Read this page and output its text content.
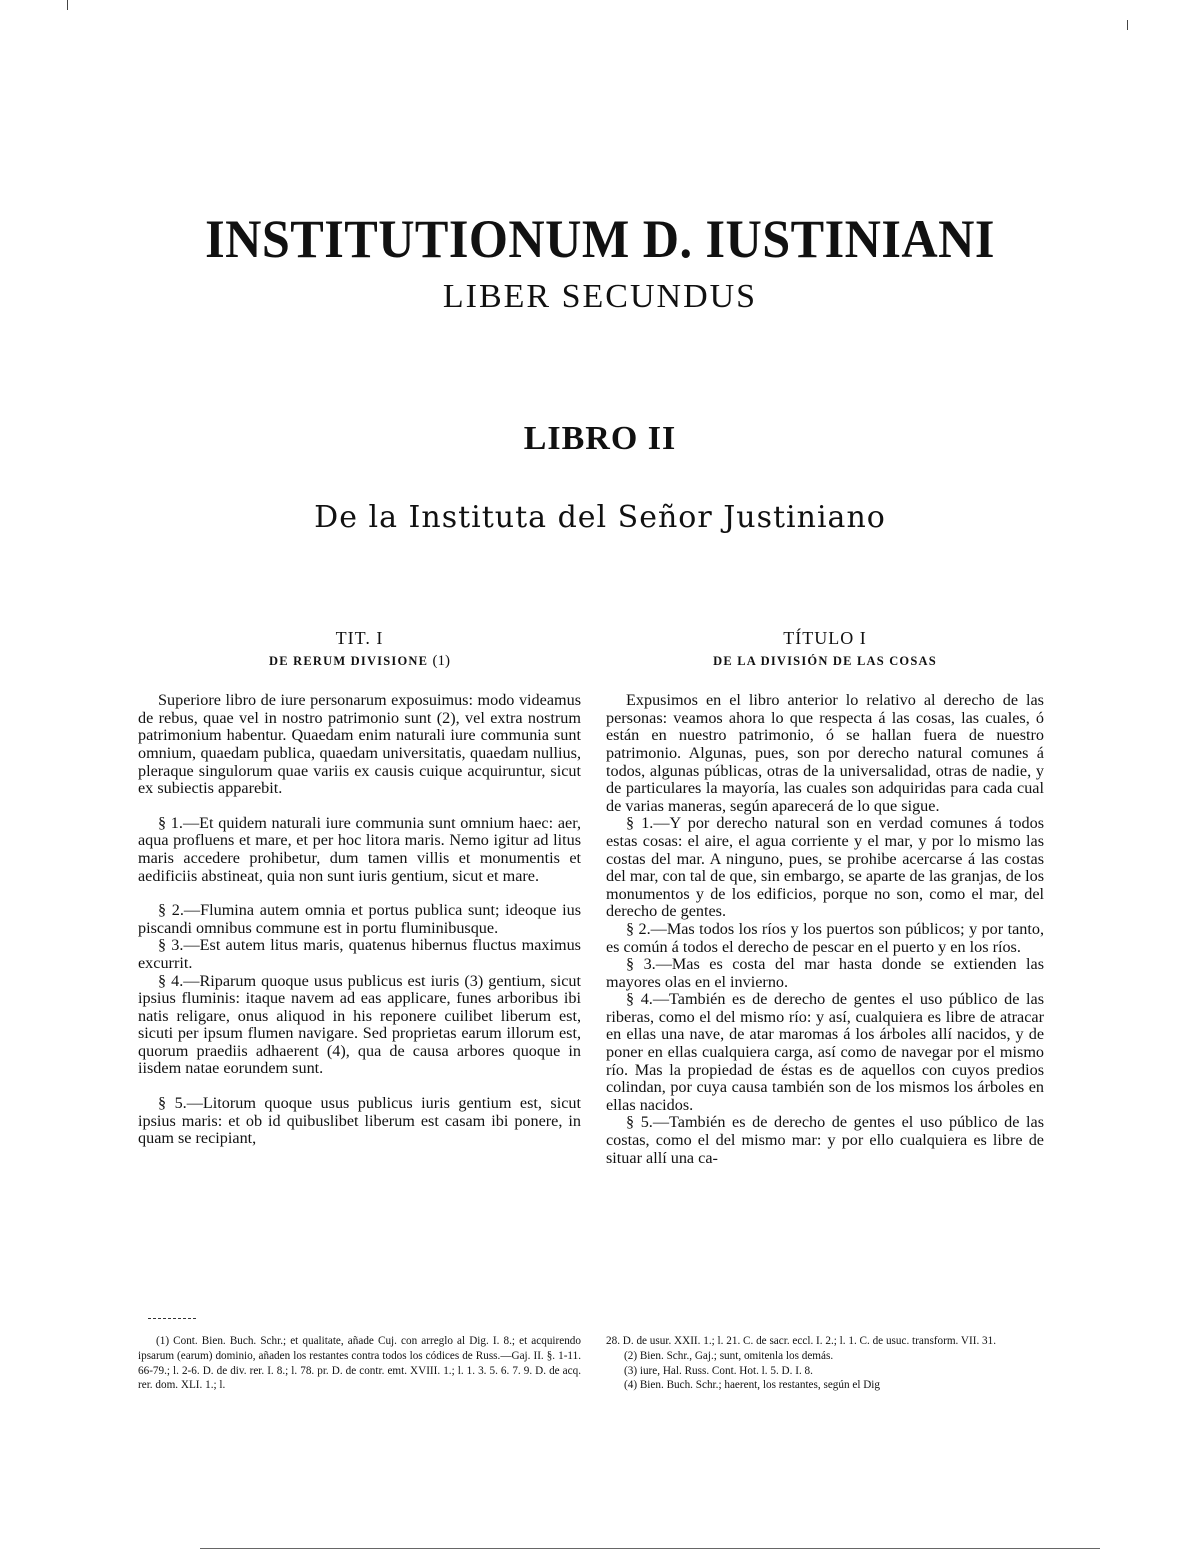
INSTITUTIONUM D. IUSTINIANI
LIBER SECUNDUS
LIBRO II
De la Instituta del Señor Justiniano
TIT. I
DE RERUM DIVISIONE (1)

Superiore libro de iure personarum exposuimus: modo videamus de rebus, quae vel in nostro patrimonio sunt (2), vel extra nostrum patrimonium habentur. Quaedam enim naturali iure communia sunt omnium, quaedam publica, quaedam universitatis, quaedam nullius, pleraque singulorum quae variis ex causis cuique acquiruntur, sicut ex subiectis apparebit.

§ 1.—Et quidem naturali iure communia sunt omnium haec: aer, aqua profluens et mare, et per hoc litora maris. Nemo igitur ad litus maris accedere prohibetur, dum tamen villis et monumentis et aedificiis abstineat, quia non sunt iuris gentium, sicut et mare.

§ 2.—Flumina autem omnia et portus publica sunt; ideoque ius piscandi omnibus commune est in portu fluminibusque.

§ 3.—Est autem litus maris, quatenus hibernus fluctus maximus excurrit.

§ 4.—Riparum quoque usus publicus est iuris (3) gentium, sicut ipsius fluminis: itaque navem ad eas applicare, funes arboribus ibi natis religare, onus aliquod in his reponere cuilibet liberum est, sicuti per ipsum flumen navigare. Sed proprietas earum illorum est, quorum praediis adhaerent (4), qua de causa arbores quoque in iisdem natae eorundem sunt.

§ 5.—Litorum quoque usus publicus iuris gentium est, sicut ipsius maris: et ob id quibuslibet liberum est casam ibi ponere, in quam se recipiant,

TÍTULO I
DE LA DIVISIÓN DE LAS COSAS

Expusimos en el libro anterior lo relativo al derecho de las personas: veamos ahora lo que respecta á las cosas, las cuales, ó están en nuestro patrimonio, ó se hallan fuera de nuestro patrimonio. Algunas, pues, son por derecho natural comunes á todos, algunas públicas, otras de la universalidad, otras de nadie, y de particulares la mayoría, las cuales son adquiridas para cada cual de varias maneras, según aparecerá de lo que sigue.

§ 1.—Y por derecho natural son en verdad comunes á todos estas cosas: el aire, el agua corriente y el mar, y por lo mismo las costas del mar. A ninguno, pues, se prohibe acercarse á las costas del mar, con tal de que, sin embargo, se aparte de las granjas, de los monumentos y de los edificios, porque no son, como el mar, del derecho de gentes.

§ 2.—Mas todos los ríos y los puertos son públicos; y por tanto, es común á todos el derecho de pescar en el puerto y en los ríos.

§ 3.—Mas es costa del mar hasta donde se extienden las mayores olas en el invierno.

§ 4.—También es de derecho de gentes el uso público de las riberas, como el del mismo río: y así, cualquiera es libre de atracar en ellas una nave, de atar maromas á los árboles allí nacidos, y de poner en ellas cualquiera carga, así como de navegar por el mismo río. Mas la propiedad de éstas es de aquellos con cuyos predios colindan, por cuya causa también son de los mismos los árboles en ellas nacidos.

§ 5.—También es de derecho de gentes el uso público de las costas, como el del mismo mar: y por ello cualquiera es libre de situar allí una ca-

(1) Cont. Bien. Buch. Schr.; et qualitate, añade Cuj. con arreglo al Dig. I. 8.; et acquirendo ipsarum (earum) dominio, añaden los restantes contra todos los códices de Russ.—Gaj. II. §. 1-11. 66-79.; l. 2-6. D. de div. rer. I. 8.; l. 78. pr. D. de contr. emt. XVIII. 1.; l. 1. 3. 5. 6. 7. 9. D. de acq. rer. dom. XLI. 1.; l.

28. D. de usur. XXII. 1.; l. 21. C. de sacr. eccl. I. 2.; l. 1. C. de usuc. transform. VII. 31.

(2) Bien. Schr., Gaj.; sunt, omitenla los demás.

(3) iure, Hal. Russ. Cont. Hot. l. 5. D. I. 8.

(4) Bien. Buch. Schr.; haerent, los restantes, según el Dig
